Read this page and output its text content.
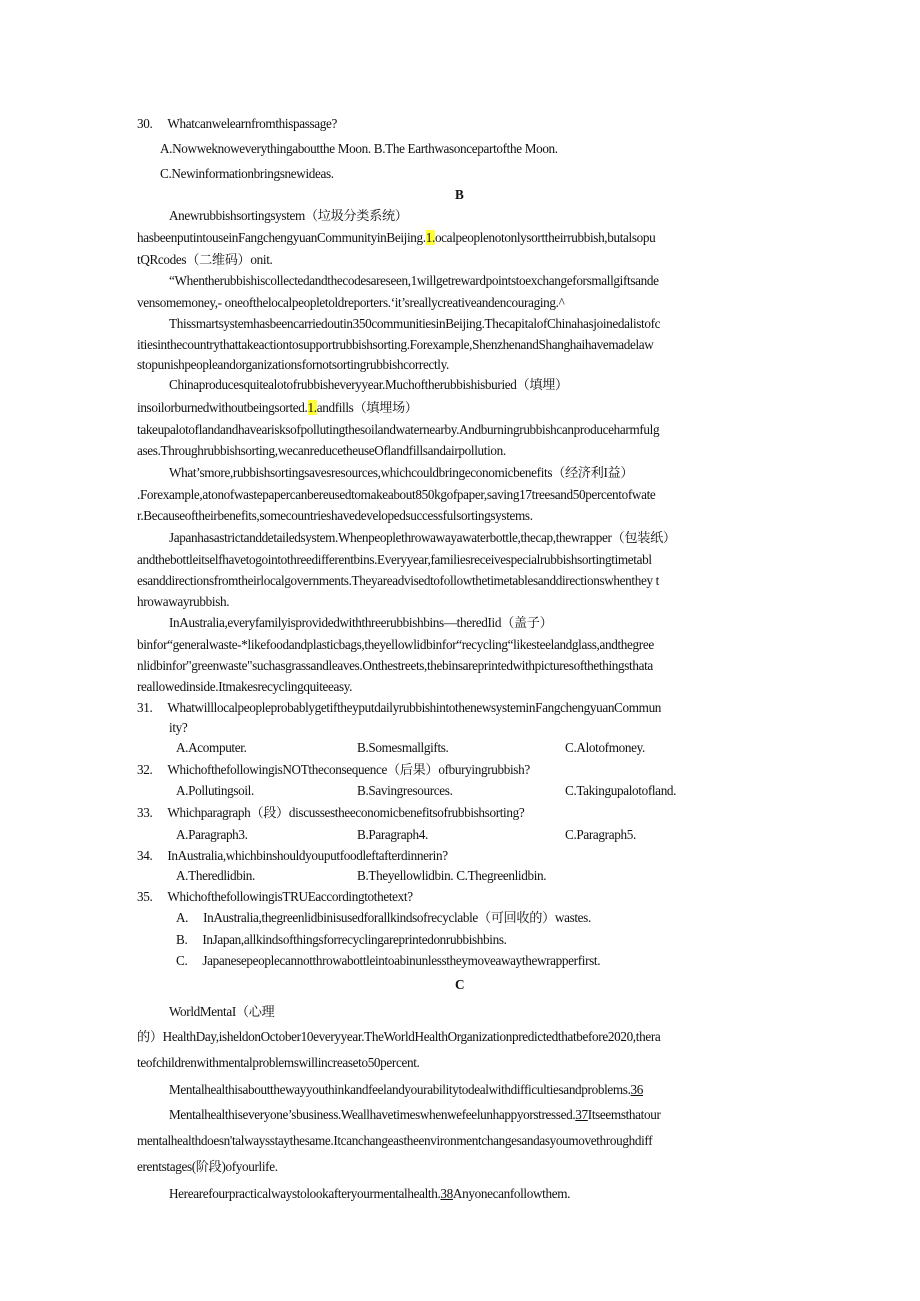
30. Whatcanwelearnfromthispassage?
A.Nowweknoweverythingaboutthe Moon. B.The Earthwasoncepartofthe Moon.
C.Newinformationbringsnewideas.
B
Anewrubbishsortingsystem（垃圾分类系统）
hasbeenputintouseinFangchengyuanCommunityinBeijing.1.ocalpeoplenotonlysorttheirrubbish,butalsopu
tQRcodes（二维码）onit.
“Whentherubbishiscollectedandthecodesareseen,1willgetrewardpointstoexchangeforsmallgiftsande
vensomemoney,- oneofthelocalpeopletoldreporters.‘it’sreallycreativeandencouraging.^
Thissmartsystemhasbeencarriedoutin350communitiesinBeijing.ThecapitalofChinahasjoinedalistofc
itiesinthecountrythattakeactiontosupportrubbishsorting.Forexample,ShenzhenandShanghaihavemadelaw
stopunishpeopleandorganizationsfornotsortingrubbishcorrectly.
Chinaproducesquitealotofrubbisheveryyear.Muchoftherubbishisburied（填埋）
insoilorburnedwithoutbeingsorted.1.andfills（填埋场）
takeupalotoflandandhavearisksofpollutingthesoilandwaternearby.Andburningrubbishcanproduceharmfulg
ases.Throughrubbishsorting,wecanreducetheuseOflandfillsandairpollution.
What’smore,rubbishsortingsavesresources,whichcouldbringeconomicbenefits（经济利I益）
.Forexample,atonofwastepapercanbereusedtomakeabout850kgofpaper,saving17treesand50percentofwate
r.Becauseoftheirbenefits,somecountrieshavedevelopedsuccessfulsortingsystems.
Japanhasastrictanddetailedsystem.Whenpeoplethrowawayawaterbottle,thecap,thewrapper（包装纸）
andthebottleitselfhavetogointothreedifferentbins.Everyyear,familiesreceivespecialrubbishsortingtimetabl
esanddirectionsfromtheirlocalgovernments.Theyareadvisedtofollowthetimetablesanddirectionswhenthey t
hrowawayrubbish.
InAustralia,everyfamilyisprovidedwiththreerubbishbins—theredIid（盖子）
binfor“generalwaste-*likefoodandplasticbags,theyellowlidbinfor“recycling“likesteelandglass,andthegree
nlidbinfor"greenwaste"suchasgrassandleaves.Onthestreets,thebinsareprintedwithpicturesofthethingsthata
reallowedinside.Itmakesrecyclingquiteeasy.
31. WhatwilllocalpeopleprobablygetiftheyputdailyrubbishintothenewsysteminFangchengyuanCommun
ity?
A.Acomputer.	B.Somesmallgifts.	C.Alotofmoney.
32. WhichofthefollowingisNOTtheconsequence（后果）ofburyingrubbish?
A.Pollutingsoil.	B.Savingresources.	C.Takingupalotofland.
33. Whichparagraph（段）discussestheeconomicbenefitsofrubbishsorting?
A.Paragraph3.	B.Paragraph4.	C.Paragraph5.
34. InAustralia,whichbinshouldyouputfoodleftafterdinnerin?
A.Theredlidbin.	B.Theyellowlidbin. C.Thegreenlidbin.
35. WhichofthefollowingisTRUEaccordingtothetext?
A. InAustralia,thegreenlidbinisusedforallkindsofrecyclable（可回收的）wastes.
B. InJapan,allkindsofthingsforrecyclingareprintedonrubbishbins.
C. Japanesepeoplecannotthrowabottleintoabinunlesstheymoveawaythewrapperfirst.
C
WorldMentaI（心理
的）HealthDay,isheldonOctober10everyyear.TheWorldHealthOrganizationpredictedthatbefore2020,thera
teofchildrenwithmentalproblemswillincreaseto50percent.
Mentalhealthisaboutthewayyouthinkandfeelandyourabilitytodealwithdifficultiesandproblems.36
Mentalhealthiseveryone’sbusiness.Weallhavetimeswhenwefeelunhappyorstressed.37Itseemsthatour
mentalhealthdoesn'talwaysstaythesame.Itcanchangeastheenvironmentchangesandasyoumovethroughdiff
erentstages(阶段)ofyourlife.
Herearefourpracticalwaystolookafteryourmentalhealth.38Anyonecanfollowthem.
